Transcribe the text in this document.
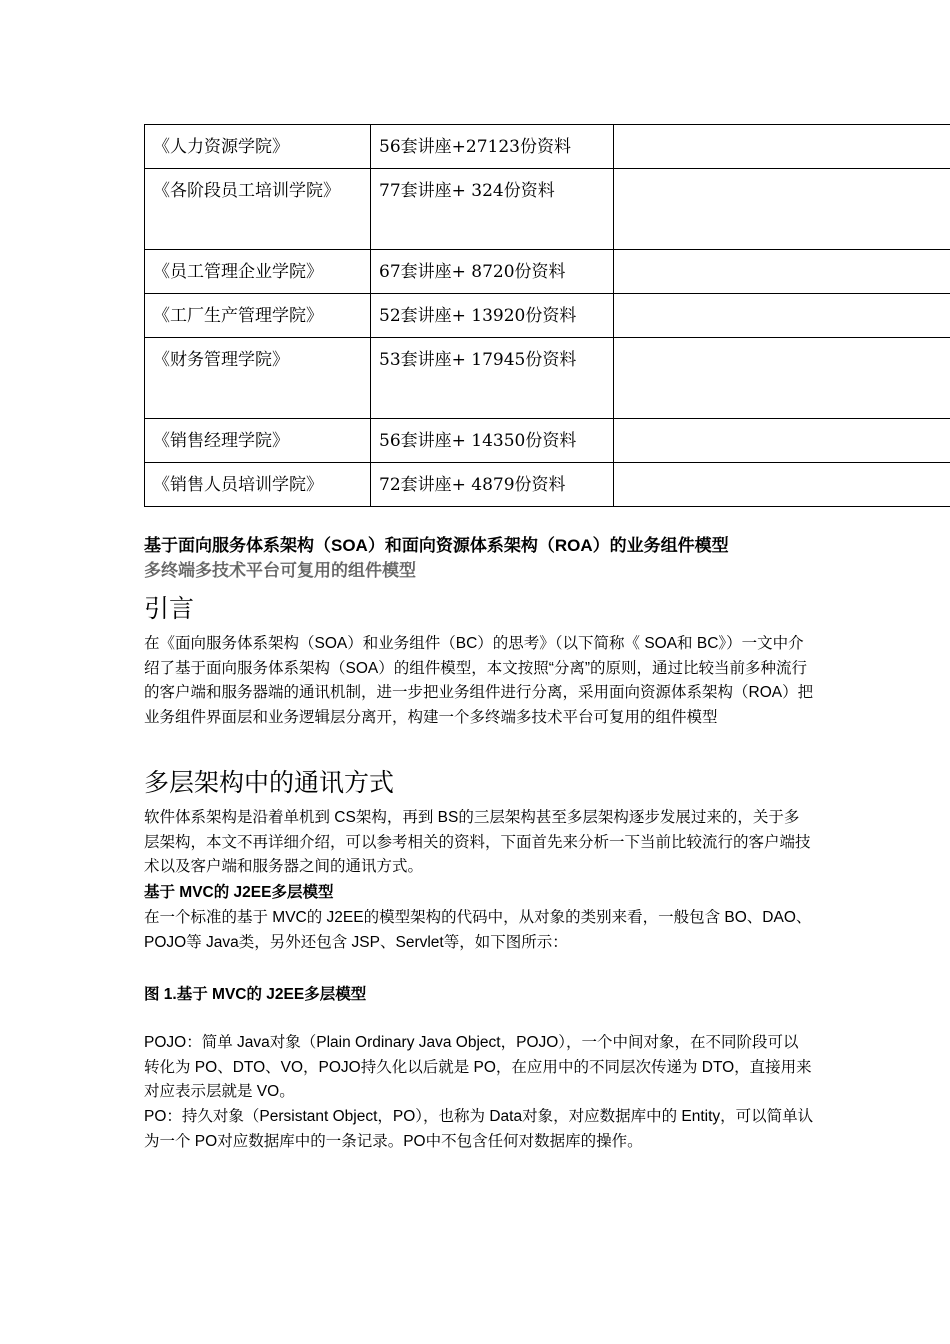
《人力资源学院》	56套讲座+27123份资料	
《各阶段员工培训学院》	77套讲座+ 324份资料	
《员工管理企业学院》	67套讲座+ 8720份资料	
《工厂生产管理学院》	52套讲座+ 13920份资料	
《财务管理学院》	53套讲座+ 17945份资料	
《销售经理学院》	56套讲座+ 14350份资料	
《销售人员培训学院》	72套讲座+ 4879份资料	
基于面向服务体系架构（SOA）和面向资源体系架构（ROA）的业务组件模型
多终端多技术平台可复用的组件模型
引言

在《面向服务体系架构（SOA）和业务组件（BC）的思考》（以下简称《 SOA和 BC》）一文中介绍了基于面向服务体系架构（SOA）的组件模型，本文按照“分离”的原则，通过比较当前多种流行的客户端和服务器端的通讯机制，进一步把业务组件进行分离，采用面向资源体系架构（ROA）把业务组件界面层和业务逻辑层分离开，构建一个多终端多技术平台可复用的组件模型

多层架构中的通讯方式

软件体系架构是沿着单机到 CS架构，再到 BS的三层架构甚至多层架构逐步发展过来的，关于多层架构，本文不再详细介绍，可以参考相关的资料，下面首先来分析一下当前比较流行的客户端技术以及客户端和服务器之间的通讯方式。

基于 MVC的 J2EE多层模型

在一个标准的基于 MVC的 J2EE的模型架构的代码中，从对象的类别来看，一般包含 BO、DAO、POJO等 Java类，另外还包含 JSP、Servlet等，如下图所示：

图 1.基于 MVC的 J2EE多层模型

POJO：简单 Java对象（Plain Ordinary Java Object，POJO），一个中间对象，在不同阶段可以转化为 PO、DTO、VO，POJO持久化以后就是 PO，在应用中的不同层次传递为 DTO，直接用来对应表示层就是 VO。

PO：持久对象（Persistant Object，PO），也称为 Data对象，对应数据库中的 Entity，可以简单认为一个 PO对应数据库中的一条记录。PO中不包含任何对数据库的操作。
